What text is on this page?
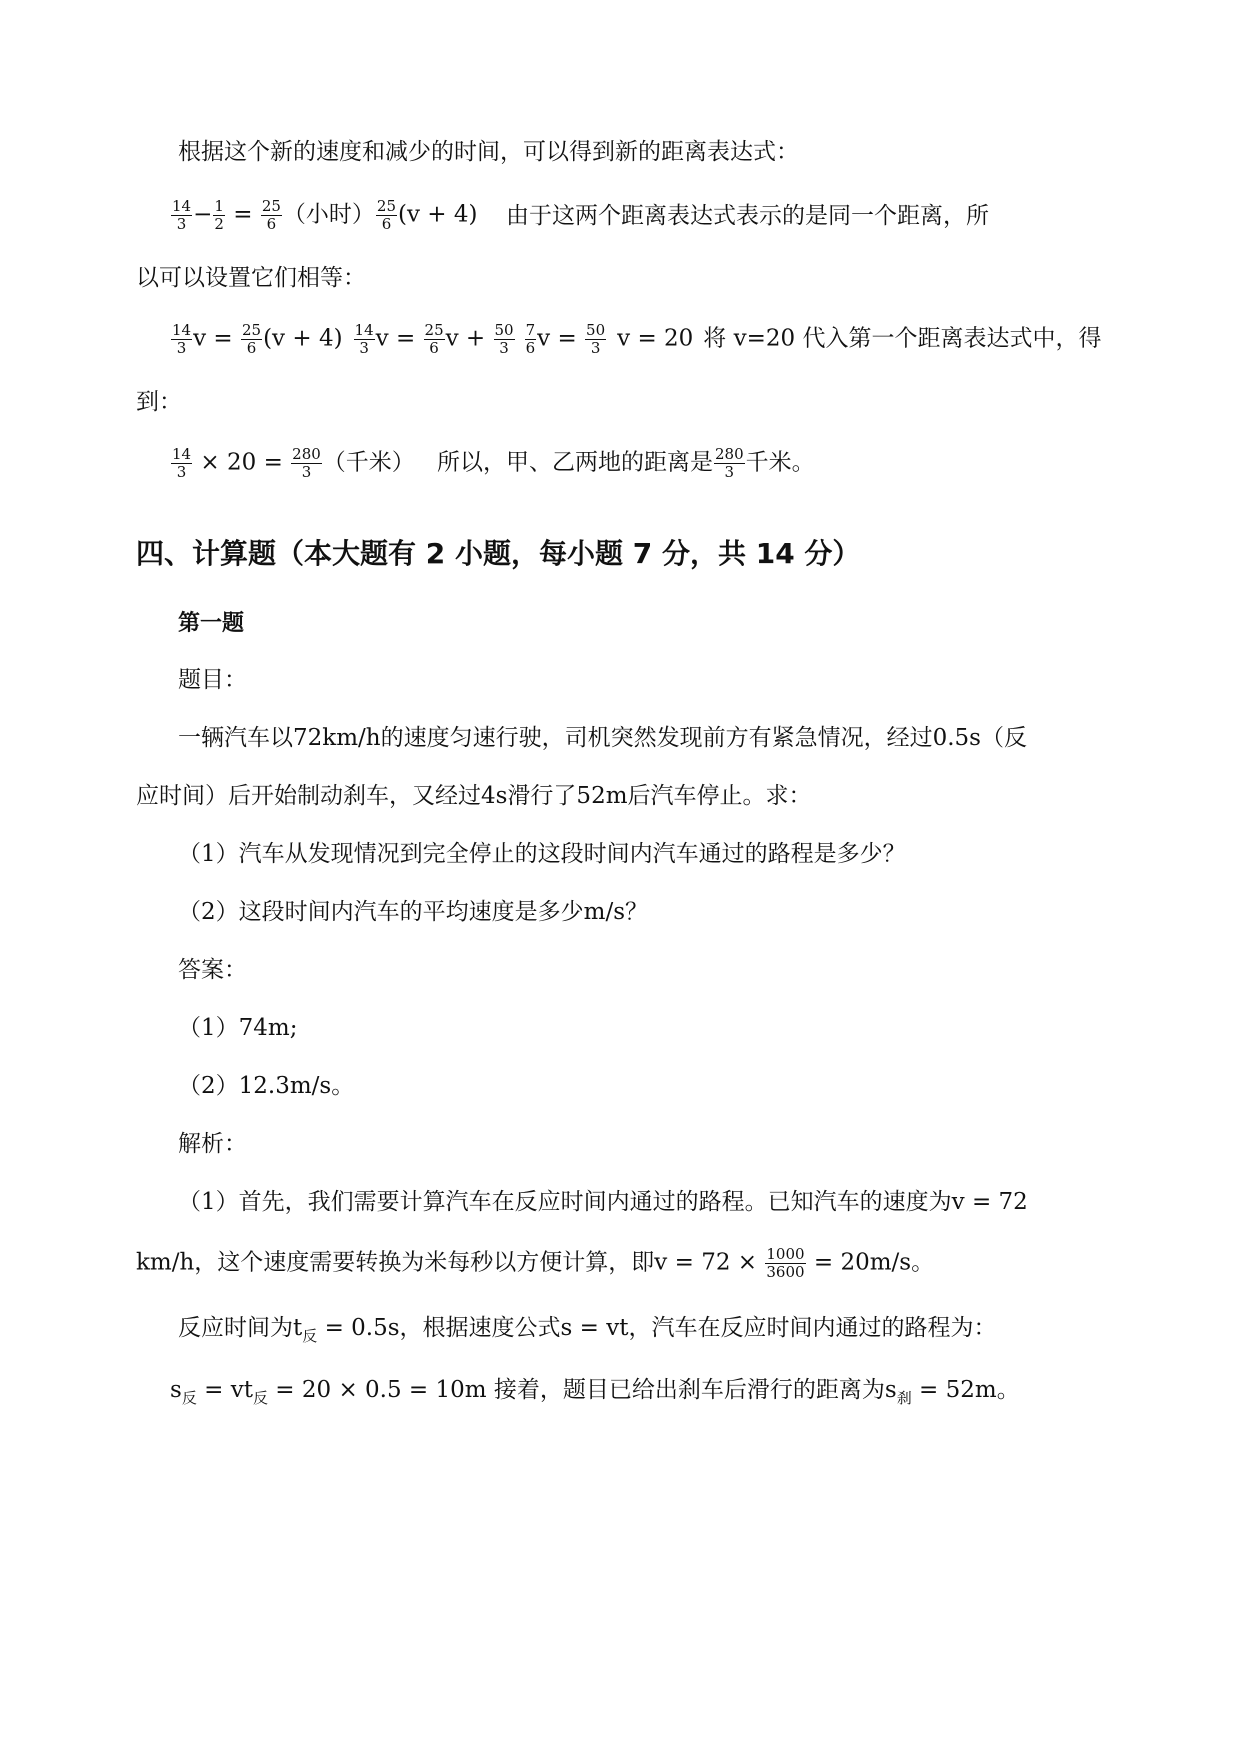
根据这个新的速度和减少的时间，可以得到新的距离表达式：
$\frac{14}{3} - \frac{1}{2} = \frac{25}{6}$ （小时） $\frac{25}{6} (v + 4)$ 由于这两个距离表达式表示的是同一个距离，所
以可以设置它们相等：
$\frac{14}{3}$ $v = \frac{25}{6} (v + 4) \frac{14}{3}$ $v = \frac{25}{6}$ $v + \frac{50}{3} \frac{7}{6}$ $v = \frac{50}{3}$ v = 20 将 v=20 代入第一个距离表达式中，得
到：
$\frac{14}{3} \times 20 = \frac{280}{3}$ （千米） 所以，甲、乙两地的距离是 $\frac{280}{3}$ 千米。
四、计算题（本大题有 2 小题，每小题 7 分，共 14 分）
第一题
题目：
一辆汽车以72km/h的速度匀速行驶，司机突然发现前方有紧急情况，经过0.5s（反
应时间）后开始制动刹车，又经过4s滑行了52m后汽车停止。求：
（1）汽车从发现情况到完全停止的这段时间内汽车通过的路程是多少？
（2）这段时间内汽车的平均速度是多少m/s？
答案：
（1）74m;
（2）12.3m/s。
解析：
（1）首先，我们需要计算汽车在反应时间内通过的路程。已知汽车的速度为v = 72
km/h，这个速度需要转换为米每秒以方便计算，即$v = 72 \times \frac{1000}{3600} = 20m/s$。
反应时间为$t_反 = 0.5s$，根据速度公式s = vt，汽车在反应时间内通过的路程为：
$s_反 = vt_反 = 20 \times 0.5 = 10m$ 接着，题目已给出刹车后滑行的距离为$s_刹 = 52m$。
